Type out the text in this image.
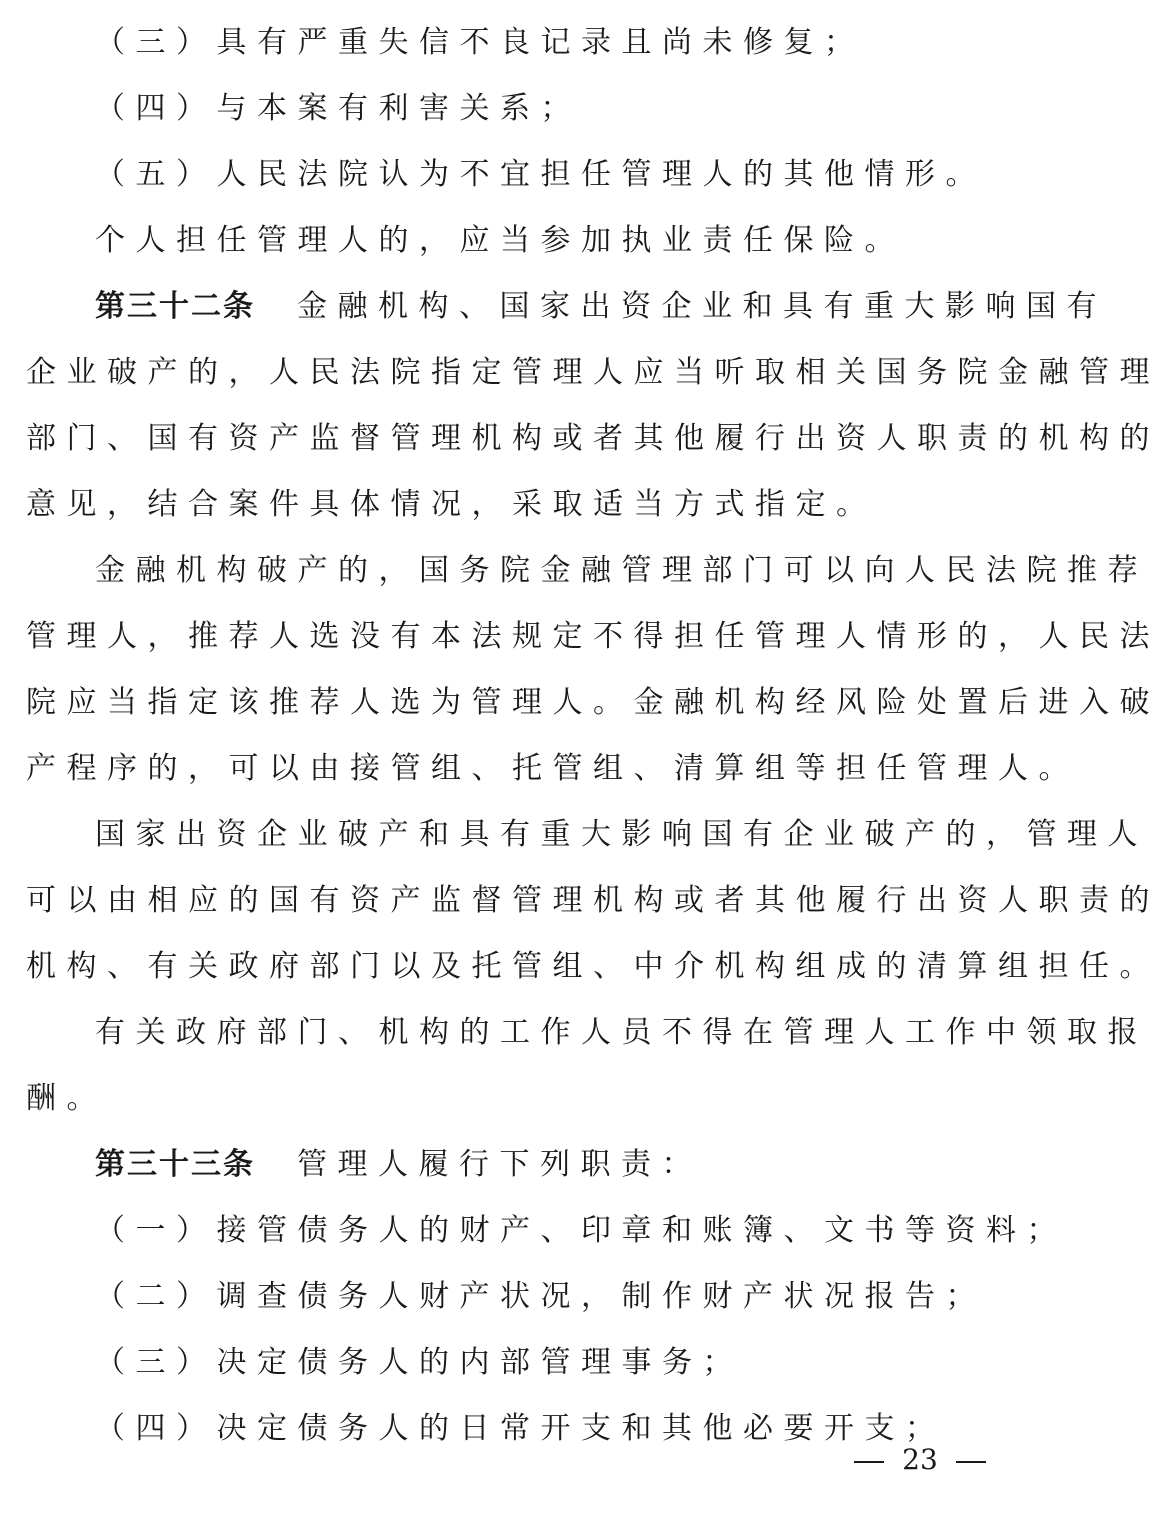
（三）具有严重失信不良记录且尚未修复；
（四）与本案有利害关系；
（五）人民法院认为不宜担任管理人的其他情形。
个人担任管理人的，应当参加执业责任保险。
第三十二条 金融机构、国家出资企业和具有重大影响国有
企业破产的，人民法院指定管理人应当听取相关国务院金融管理
部门、国有资产监督管理机构或者其他履行出资人职责的机构的
意见，结合案件具体情况，采取适当方式指定。
金融机构破产的，国务院金融管理部门可以向人民法院推荐
管理人，推荐人选没有本法规定不得担任管理人情形的，人民法
院应当指定该推荐人选为管理人。金融机构经风险处置后进入破
产程序的，可以由接管组、托管组、清算组等担任管理人。
国家出资企业破产和具有重大影响国有企业破产的，管理人
可以由相应的国有资产监督管理机构或者其他履行出资人职责的
机构、有关政府部门以及托管组、中介机构组成的清算组担任。
有关政府部门、机构的工作人员不得在管理人工作中领取报
酬。
第三十三条 管理人履行下列职责：
（一）接管债务人的财产、印章和账簿、文书等资料；
（二）调查债务人财产状况，制作财产状况报告；
（三）决定债务人的内部管理事务；
（四）决定债务人的日常开支和其他必要开支；
23
